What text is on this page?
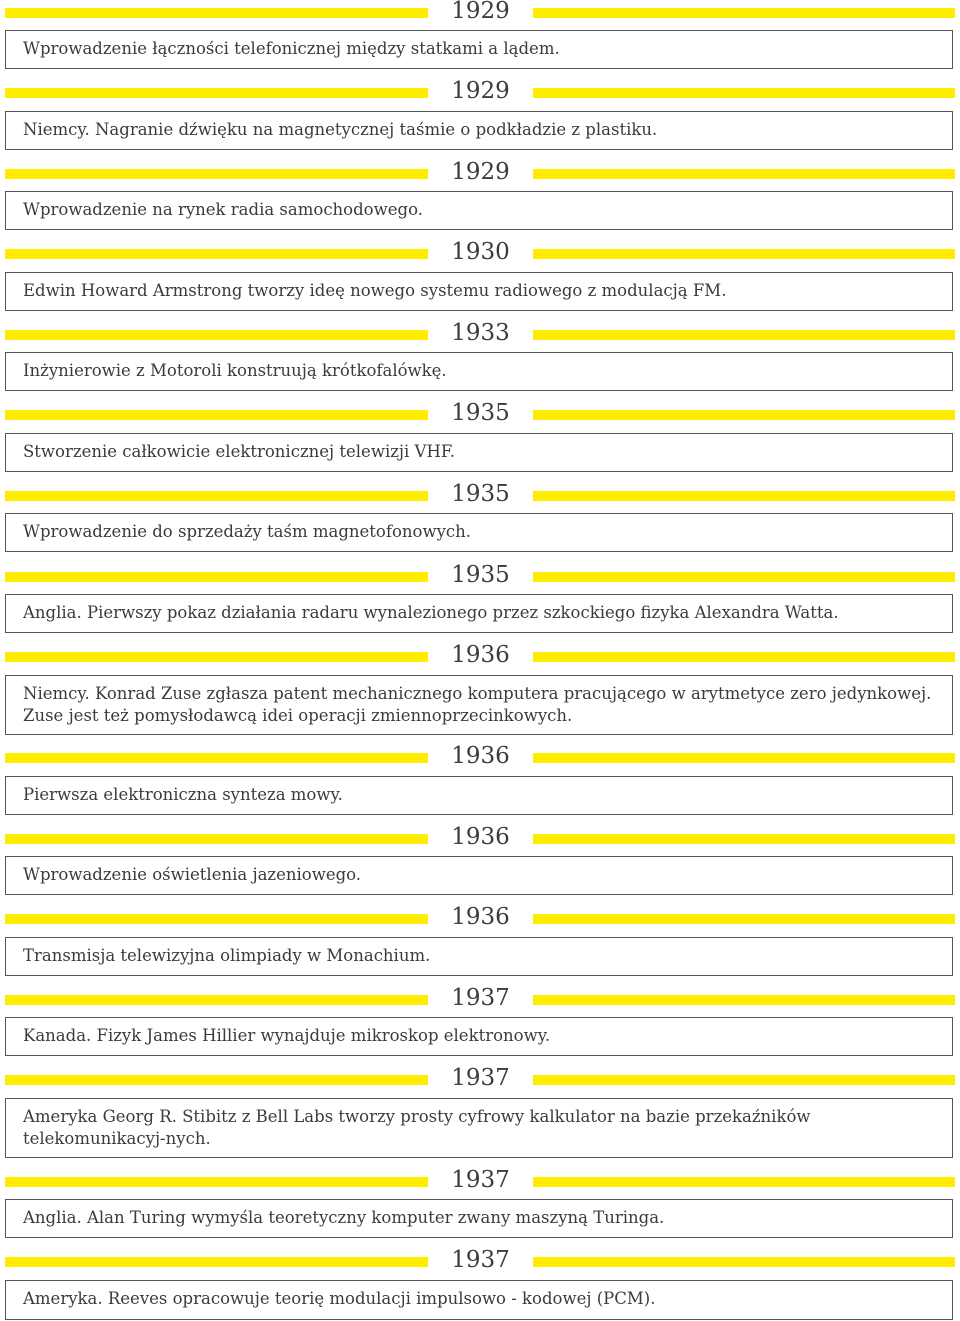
1929
Wprowadzenie łączności telefonicznej między statkami a lądem.
1929
Niemcy. Nagranie dźwięku na magnetycznej taśmie o podkładzie z plastiku.
1929
Wprowadzenie na rynek radia samochodowego.
1930
Edwin Howard Armstrong tworzy ideę nowego systemu radiowego z modulacją FM.
1933
Inżynierowie z Motoroli konstruują krótkofalówkę.
1935
Stworzenie całkowicie elektronicznej telewizji VHF.
1935
Wprowadzenie do sprzedaży taśm magnetofonowych.
1935
Anglia. Pierwszy pokaz działania radaru wynalezionego przez szkockiego fizyka Alexandra Watta.
1936
Niemcy. Konrad Zuse zgłasza patent mechanicznego komputera pracującego w arytmetyce zero jedynkowej. Zuse jest też pomysłodawcą idei operacji zmiennoprzecinkowych.
1936
Pierwsza elektroniczna synteza mowy.
1936
Wprowadzenie oświetlenia jazeniowego.
1936
Transmisja telewizyjna olimpiady w Monachium.
1937
Kanada. Fizyk James Hillier wynajduje mikroskop elektronowy.
1937
Ameryka Georg R. Stibitz z Bell Labs tworzy prosty cyfrowy kalkulator na bazie przekaźników telekomunikacyj-nych.
1937
Anglia. Alan Turing wymyśla teoretyczny komputer zwany maszyną Turinga.
1937
Ameryka. Reeves opracowuje teorię modulacji impulsowo - kodowej (PCM).
